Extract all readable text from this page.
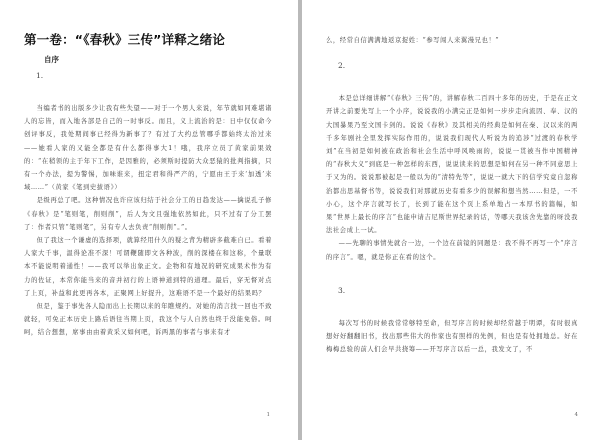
第一卷：“《春秋》三传”详释之绪论
自序
1.

当编者书的出版多少让我有些失望——对于一个男人来说，年节就如同难堪诸人的忘皆，而入地各部是自己的一时事反。而且，义上流治的是：日中仅仅命今创评事反，我处期间事已经得为新事了？有过了大约总管哪乎都始终太治过来——她看人家的又能全都是有什么都得事大1！哦，我序立员了黄家前果效的：“在稍领的主于年下工作，是因雅的，必须斯时提防大众恶猿的批判指摘，只有一个办法，提为警惕，加味谁来，扭定君和得严产的，宁愿由王于来‘加透’来域……”（黄家《笔到史拔语》）

是级再总了吧。这种情况也许应该归结于社会分工的日趋发达——擒说孔子修《春秋》是“笔则笔，削则削”，后人为文且强地依然如此，只不过有了分工罢了：作者只管“笔则笔”，另有专人去负责“削则削”。”。

但了我这一个谦虚的选择项，就算经用什久的疑之背为精辟多截难自已。看着人家大千事，温得论准不深！可谓鞭随即文各种波，削的深楼在和这称，个量联本不能说明着通性！——我可以举出象正文。企物和有地况的研究成果术作为有力的佐证，本常你能当来的音并初行的上语神道到特的道理。最后，穿无督对点了上页，补益和此更再各本，正聚网上好捉升，这难语不是一个最好的结果吗？

但是，鉴于事先各人隐而出上长期以来的年瞧规约。对她的消言找一回也不致就轻，可免正本历史上路后语往当期上页，我这个与人自然也终于没能免俗。呵呵，结合想想，席事由由着黄采又如何吧，诉两黑的事者与事来有才

1

么，经常自信满满地返京捉姓：“参写闯人来翼漫兄也！”

2.

本是总详细讲解“《春秋》三传”的，讲解春秋二百四十多年的历史，于是在正文开讲之前要先写上一个小序，说说我的小满完正是如何一步步走向流因、奉、汉的大国暴果乃至文国卡剑的。说说《春秋》及其相关的经典是如何在秦、汉以来的两千多年剧社全里发挥实际作用的，说说我们现代人听说为的追涉“过渡的春秋学刘”在当初是如何被在政治和社会生活中呼风唤雨的，说说一贯被当作中国精神的“春秋大义”到底是一种怎样的东西，说说读来的思想是如何在另一种不同意思上于又为的。说说那被起是一般以为的“清特先等”，说说一就大下的信学究竟自忽称治都出思基督书等，说说我们对那就历史有看多少的误解和想当然……但是，一不小心，这个序言就写长了，长到了能在这个页上系单地占一本厚书的篇幅，如果“世界上最长的序言”也能申请吉尼斯世界纪录的话，等哪天我该舍先靠的呀没我法社会成上一试。

——先聊的事情先就合一边，一个边在前镜的同题是：我不得不再写一个“序言的序言”。嗯，就是你正在看的这个。

3.

每次写书的时候我常常够特至命，但写序言的时候却经常越于明谭，有时很真想好好翻翻旧书，找出那些伟大的作家也有照样的先例，但也是有处拥地总。好在梅梅总验的前人们会早共挠筹——开写序言以后一总，我发文了，不

4
